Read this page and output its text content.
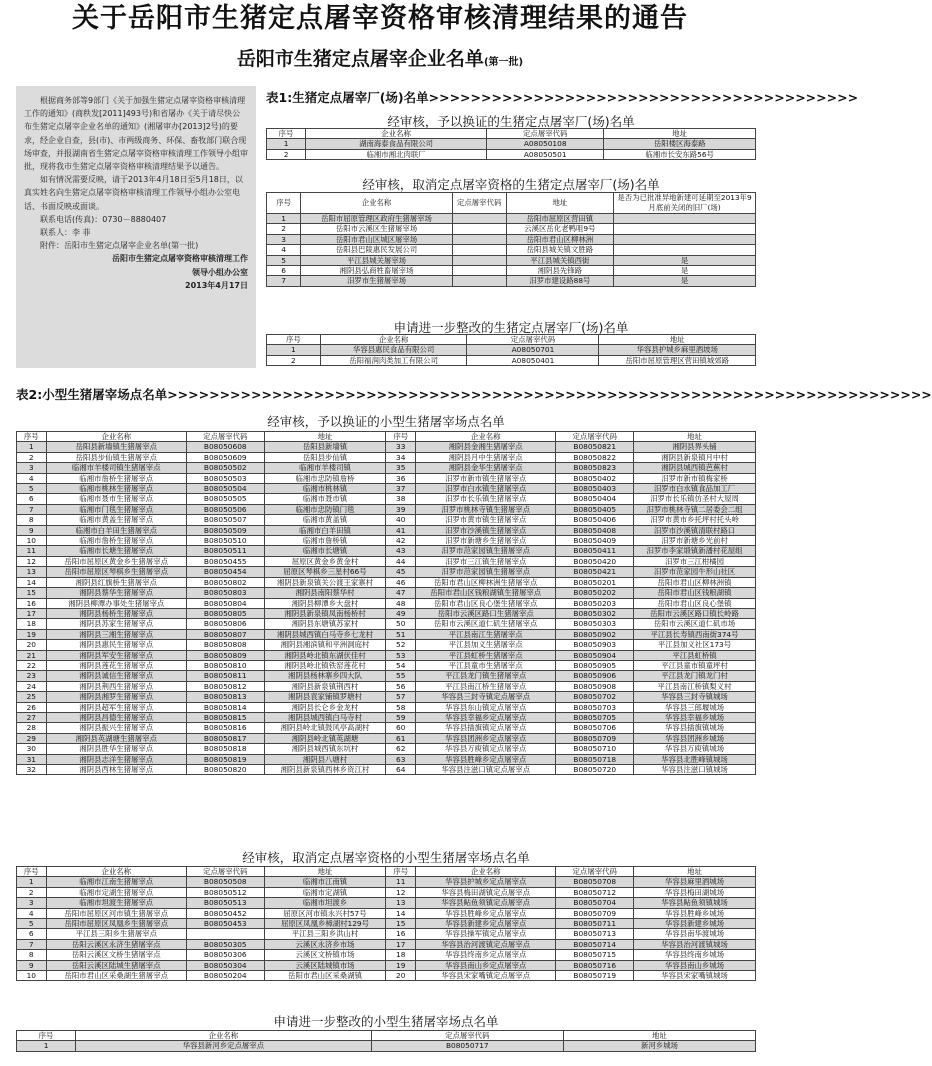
关于岳阳市生猪定点屠宰资格审核清理结果的通告
岳阳市生猪定点屠宰企业名单(第一批)

根据商务部等9部门《关于加强生猪定点屠宰资格审核清理工作的通知》(商秩发[2011]493号)和省屠办《关于请尽快公布生猪定点屠宰企业名单的通知》(湘屠审办[2013]2号)的要求，经企业自查，县(市)、市两级商务、环保、畜牧部门联合现场审查，并报湖南省生猪定点屠宰资格审核清理工作领导小组审批，现将我市生猪定点屠宰资格审核清理结果予以通告。

如有情况需要反映，请于2013年4月18日至5月18日，以真实姓名向生猪定点屠宰资格审核清理工作领导小组办公室电话、书面反映或面谈。

联系电话(传真)：0730－8880407

联系人：李 菲

附件：岳阳市生猪定点屠宰企业名单(第一批)

岳阳市生猪定点屠宰资格审核清理工作

领导小组办公室

2013年4月17日

表1:生猪定点屠宰厂(场)名单>>>>>>>>>>>>>>>>>>>>>>>>>>>>>>>>>>>>>>>>>
经审核，予以换证的生猪定点屠宰厂(场)名单
序号	企业名称	定点屠宰代码	地址
1	湖南海泰食品有限公司	A08050108	岳阳楼区海泰路
2	临湘市湘北肉联厂	A08050501	临湘市长安东路56号
经审核，取消定点屠宰资格的生猪定点屠宰厂(场)名单
序号	企业名称	定点屠宰代码	地址	是否为已批准异地新建可延期至2013年9月底前关闭的旧厂(场)
1	岳阳市屈原管理区政府生猪屠宰场		岳阳市屈原区营田镇	
2	岳阳市云溪区生猪屠宰场		云溪区岳化老鸭咀9号	
3	岳阳市君山区城区屠宰场		岳阳市君山区柳林洲	
4	岳阳县巴陵惠民发展公司		岳阳县城关镇文胜路	
5	平江县城关屠宰场		平江县城关镇西街	是
6	湘阴县弘商牲畜屠宰场		湘阴县先锋路	是
7	汨罗市生猪屠宰场		汨罗市建设路88号	是
申请进一步整改的生猪定点屠宰厂(场)名单
序号	企业名称	定点屠宰代码	地址
1	华容县惠民食品有限公司	A08050701	华容县护城乡麻里酒坡场
2	岳阳福润肉类加工有限公司	A08050401	岳阳市屈原管理区营田镇城郊路
表2:小型生猪屠宰场点名单>>>>>>>>>>>>>>>>>>>>>>>>>>>>>>>>>>>>>>>>>>>>>>>>>>>>>>>>>>>>>>>>>>>>>>>>>
经审核，予以换证的小型生猪屠宰场点名单
序号	企业名称	定点屠宰代码	地址	序号	企业名称	定点屠宰代码	地址
1	岳阳县新墙镇生猪屠宰点	B08050608	岳阳县新墙镇	33	湘阴县金湘生猪屠宰点	B08050821	湘阴县界头铺
2	岳阳县步仙镇生猪屠宰点	B08050609	岳阳县步仙镇	34	湘阴县月中生猪屠宰点	B08050822	湘阴县新泉镇月中村
3	临湘市羊楼司镇生猪屠宰点	B08050502	临湘市羊楼司镇	35	湘阴县金华生猪屠宰点	B08050823	湘阴县城西镇芭蕉村
4	临湘市詹桥生猪屠宰点	B08050503	临湘市忠防镇詹桥	36	汨罗市新市镇生猪屠宰点	B08050402	汨罗市新市镇梅家桥
5	临湘市桃林生猪屠宰点	B08050504	临湘市桃林镇	37	汨罗市白水镇生猪屠宰点	B08050403	汨罗市白水镇食品加工厂
6	临湘市聂市生猪屠宰点	B08050505	临湘市聂市镇	38	汨罗市长乐镇生猪屠宰点	B08050404	汨罗市长乐镇仿圣村大屋周
7	临湘市门毯生猪屠宰点	B08050506	临湘市忠防镇门毯	39	汨罗市桃林寺镇生猪屠宰点	B08050405	汨罗市桃林寺镇二居委会二组
8	临湘市黄盖生猪屠宰点	B08050507	临湘市黄盖镇	40	汨罗市黄市镇生猪屠宰点	B08050406	汨罗市黄市乡托坪村托头岭
9	临湘市白羊田生猪屠宰点	B08050509	临湘市白羊田镇	41	汨罗市沙溪镇生猪屠宰点	B08050408	汨罗市沙溪镇清联村路口
10	临湘市詹桥生猪屠宰点	B08050510	临湘市詹桥镇	42	汨罗市新塘乡生猪屠宰点	B08050409	汨罗市新塘乡光前村
11	临湘市长塘生猪屠宰点	B08050511	临湘市长塘镇	43	汨罗市范家园镇生猪屠宰点	B08050411	汨罗市李家塅镇新潘村花屋组
12	岳阳市屈原区黄金乡生猪屠宰点	B08050455	屈原区黄金乡黄金村	44	汨罗市三江镇生猪屠宰点	B08050420	汨罗市三江柑橘园
13	岳阳市屈原区琴棋乡生猪屠宰点	B08050454	屈原区琴棋乡三星村66号	45	汨罗市范家园镇生猪屠宰点	B08050421	汨罗市范家园牛形山社区
14	湘阴县红旗桥生猪屠宰点	B08050802	湘阴县新泉镇关公渡王家寨村	46	岳阳市君山区柳林洲生猪屠宰点	B08050201	岳阳市君山区柳林洲镇
15	湘阴县蔡华生猪屠宰点	B08050803	湘阴县南阳蔡华村	47	岳阳市君山区钱粮湖镇生猪屠宰点	B08050202	岳阳市君山区钱粮湖镇
16	湘阴县柳潭办事处生猪屠宰点	B08050804	湘阴县柳潭乡大盘村	48	岳阳市君山区良心堡生猪屠宰点	B08050203	岳阳市君山区良心堡镇
17	湘阴县杨桥生猪屠宰点	B08050805	湘阴县新泉镇凤南杨桥村	49	岳阳市云溪区路口生猪屠宰点	B08050302	岳阳市云溪区路口镇长岭路
18	湘阴县苏家生猪屠宰点	B08050806	湘阴县东塘镇苏家村	50	岳阳市云溪区道仁矶生猪屠宰点	B08050303	岳阳市云溪区道仁矶市场
19	湘阴县三湘生猪屠宰点	B08050807	湘阴县城西镇白马寺乡七龙村	51	平江县南江生猪屠宰点	B08050902	平江县长寿镇西南街374号
20	湘阴县惠民生猪屠宰点	B08050808	湘阴县湘滨镇和平洲洞庭村	52	平江县加义生猪屠宰点	B08050903	平江县加义社区173号
21	湘阴县军安生猪屠宰点	B08050809	湘阴县岭北镇东湖伏佳村	53	平江县虹桥生猪屠宰点	B08050904	平江县虹桥镇
22	湘阴县莲花生猪屠宰点	B08050810	湘阴县岭北镇铁窑莲花村	54	平江县童市生猪屠宰点	B08050905	平江县童市镇童坪村
23	湘阴县诚信生猪屠宰点	B08050811	湘阴县杨林寨乡四大队	55	平江县龙门镇生猪屠宰点	B08050906	平江县龙门镇龙门村
24	湘阴县荆西生猪屠宰点	B08050812	湘阴县新泉镇荆西村	56	平江县南江桥生猪屠宰点	B08050908	平江县南江桥镇梨义村
25	湘阴县湘罗生猪屠宰点	B08050813	湘阴县袁家铺镇罗塘村	57	华容县三封寺镇定点屠宰点	B08050702	华容县三封寺镇城场
26	湘阴县超军生猪屠宰点	B08050814	湘阴县长仑乡金龙村	58	华容县东山镇定点屠宰点	B08050703	华容县三郎堰城场
27	湘阴县昌德生猪屠宰点	B08050815	湘阴县城西镇白马寺村	59	华容县幸福乡定点屠宰点	B08050705	华容县幸福乡城场
28	湘阴县振兴生猪屠宰点	B08050816	湘阴县岭北镇鼓风亭高湖村	60	华容县插旗镇定点屠宰点	B08050706	华容县插旗镇城场
29	湘阴县英湖塘生猪屠宰点	B08050817	湘阴县岭北镇英湖塘	61	华容县团洲乡定点屠宰点	B08050709	华容县团洲乡城场
30	湘阴县胜华生猪屠宰点	B08050818	湘阴县城西镇东坑村	62	华容县万庾镇定点屠宰点	B08050710	华容县万庾镇城场
31	湘阴县志洋生猪屠宰点	B08050819	湘阴县八塘村	63	华容县胜峰乡定点屠宰点	B08050718	华容县北胜峰镇城场
32	湘阴县西林生猪屠宰点	B08050820	湘阴县新泉镇西林乡资江村	64	华容县注滋口镇定点屠宰点	B08050720	华容县注滋口镇城场
经审核，取消定点屠宰资格的小型生猪屠宰场点名单
序号	企业名称	定点屠宰代码	地址	序号	企业名称	定点屠宰代码	地址
1	临湘市江南生猪屠宰点	B08050508	临湘市江南镇	11	华容县护城乡定点屠宰点	B08050708	华容县麻里酒城场
2	临湘市定湖生猪屠宰点	B08050512	临湘市定湖镇	12	华容县梅田湖镇定点屠宰点	B08050712	华容县梅田湖城场
3	临湘市坦渡生猪屠宰点	B08050513	临湘市坦渡乡	13	华容县鲇鱼须镇定点屠宰点	B08050704	华容县鲇鱼须镇城场
4	岳阳市屈原区河市镇生猪屠宰点	B08050452	屈原区河市镇永兴村57号	14	华容县胜峰乡定点屠宰点	B08050709	华容县胜峰乡城场
5	岳阳市屈原区凤凰乡生猪屠宰点	B08050453	屈原区凤凰乡樟湖村129号	15	华容县新建乡定点屠宰点	B08050711	华容县新建乡城场
6	平江县三阳乡生猪屠宰点		平江县三阳乡洪山村	16	华容县操军镇定点屠宰点	B08050713	华容县南华渡城场
7	岳阳云溪区永济生猪屠宰点	B08050305	云溪区永济乡市场	17	华容县治河渡镇定点屠宰点	B08050714	华容县治河渡镇城场
8	岳阳云溪区文桥生猪屠宰点	B08050306	云溪区文桥镇市场	18	华容县终南乡定点屠宰点	B08050715	华容县终南乡城场
9	岳阳云溪区陆城生猪屠宰点	B08050304	云溪区陆城镇市场	19	华容县南山乡定点屠宰点	B08050716	华容县南山乡城场
10	岳阳市君山区采桑湖生猪屠宰点	B08050204	岳阳市君山区采桑湖镇	20	华容县宋家嘴镇定点屠宰点	B08050719	华容县宋家嘴镇城场
申请进一步整改的小型生猪屠宰场点名单
序号	企业名称	定点屠宰代码	地址
1	华容县新河乡定点屠宰点	B08050717	新河乡城场
